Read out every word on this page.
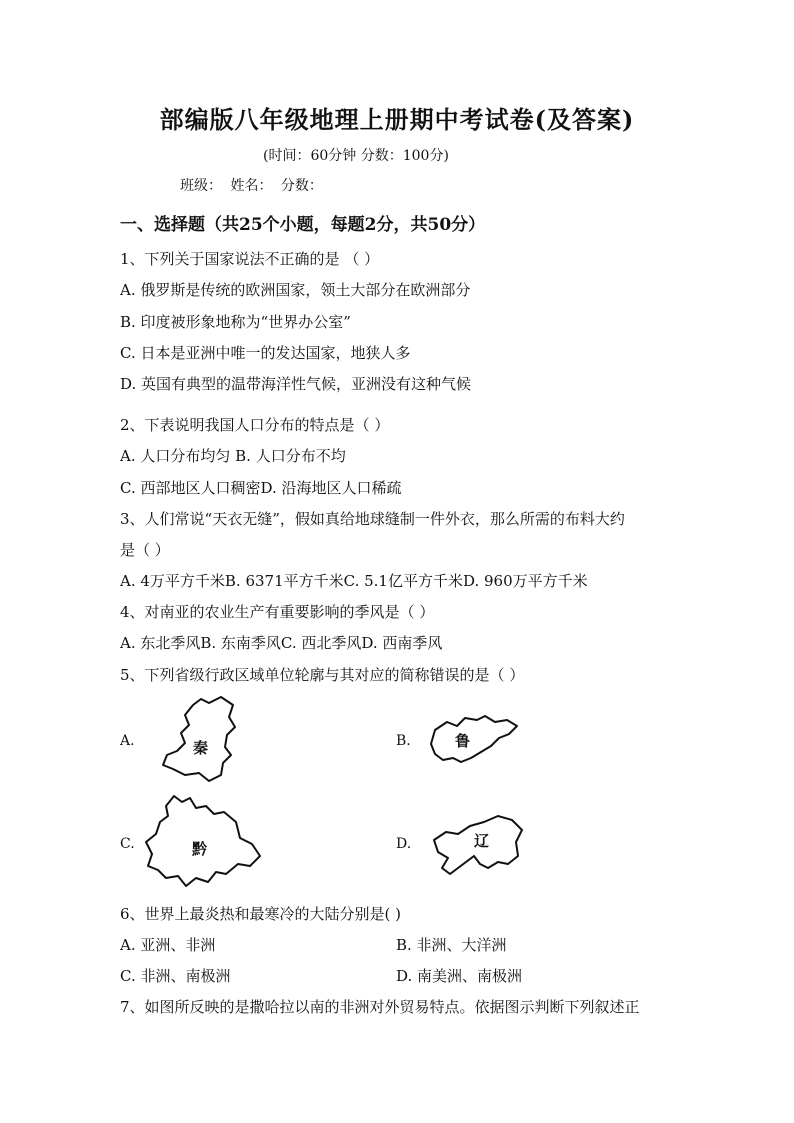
部编版八年级地理上册期中考试卷(及答案)
(时间：60分钟 分数：100分)
班级： 姓名： 分数：
一、选择题（共25个小题，每题2分，共50分）
1、下列关于国家说法不正确的是 （ ）
A. 俄罗斯是传统的欧洲国家，领土大部分在欧洲部分
B. 印度被形象地称为“世界办公室”
C. 日本是亚洲中唯一的发达国家，地狭人多
D. 英国有典型的温带海洋性气候，亚洲没有这种气候
2、下表说明我国人口分布的特点是（ ）
A. 人口分布均匀 B. 人口分布不均
C. 西部地区人口稠密D. 沿海地区人口稀疏
3、人们常说“天衣无缝”，假如真给地球缝制一件外衣，那么所需的布料大约
是（ ）
A. 4万平方千米B. 6371平方千米C. 5.1亿平方千米D. 960万平方千米
4、对南亚的农业生产有重要影响的季风是（ ）
A. 东北季风B. 东南季风C. 西北季风D. 西南季风
5、下列省级行政区域单位轮廓与其对应的简称错误的是（ ）
A.	秦	B.	鲁
C.	黔	D.	辽
6、世界上最炎热和最寒冷的大陆分别是( )
A. 亚洲、非洲	B. 非洲、大洋洲
C. 非洲、南极洲	D. 南美洲、南极洲
7、如图所反映的是撒哈拉以南的非洲对外贸易特点。依据图示判断下列叙述正
